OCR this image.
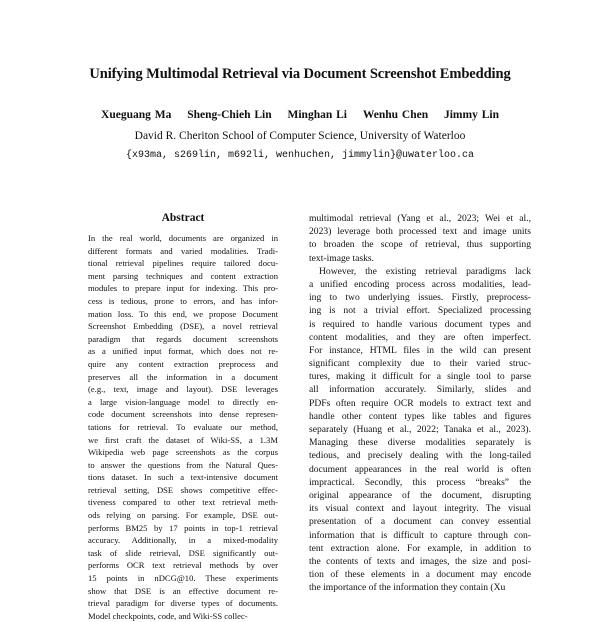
Unifying Multimodal Retrieval via Document Screenshot Embedding
Xueguang Ma Sheng-Chieh Lin Minghan Li Wenhu Chen Jimmy Lin
David R. Cheriton School of Computer Science, University of Waterloo
{x93ma, s269lin, m692li, wenhuchen, jimmylin}@uwaterloo.ca
Abstract
In the real world, documents are organized in
different formats and varied modalities. Tradi-
tional retrieval pipelines require tailored docu-
ment parsing techniques and content extraction
modules to prepare input for indexing. This pro-
cess is tedious, prone to errors, and has infor-
mation loss. To this end, we propose Document
Screenshot Embedding (DSE), a novel retrieval
paradigm that regards document screenshots
as a unified input format, which does not re-
quire any content extraction preprocess and
preserves all the information in a document
(e.g., text, image and layout). DSE leverages
a large vision-language model to directly en-
code document screenshots into dense represen-
tations for retrieval. To evaluate our method,
we first craft the dataset of Wiki-SS, a 1.3M
Wikipedia web page screenshots as the corpus
to answer the questions from the Natural Ques-
tions dataset. In such a text-intensive document
retrieval setting, DSE shows competitive effec-
tiveness compared to other text retrieval meth-
ods relying on parsing. For example, DSE out-
performs BM25 by 17 points in top-1 retrieval
accuracy. Additionally, in a mixed-modality
task of slide retrieval, DSE significantly out-
performs OCR text retrieval methods by over
15 points in nDCG@10. These experiments
show that DSE is an effective document re-
trieval paradigm for diverse types of documents.
Model checkpoints, code, and Wiki-SS collec-
multimodal retrieval (Yang et al., 2023; Wei et al.,
2023) leverage both processed text and image units
to broaden the scope of retrieval, thus supporting
text-image tasks.
However, the existing retrieval paradigms lack
a unified encoding process across modalities, lead-
ing to two underlying issues. Firstly, preprocess-
ing is not a trivial effort. Specialized processing
is required to handle various document types and
content modalities, and they are often imperfect.
For instance, HTML files in the wild can present
significant complexity due to their varied struc-
tures, making it difficult for a single tool to parse
all information accurately. Similarly, slides and
PDFs often require OCR models to extract text and
handle other content types like tables and figures
separately (Huang et al., 2022; Tanaka et al., 2023).
Managing these diverse modalities separately is
tedious, and precisely dealing with the long-tailed
document appearances in the real world is often
impractical. Secondly, this process “breaks” the
original appearance of the document, disrupting
its visual context and layout integrity. The visual
presentation of a document can convey essential
information that is difficult to capture through con-
tent extraction alone. For example, in addition to
the contents of texts and images, the size and posi-
tion of these elements in a document may encode
the importance of the information they contain (Xu
